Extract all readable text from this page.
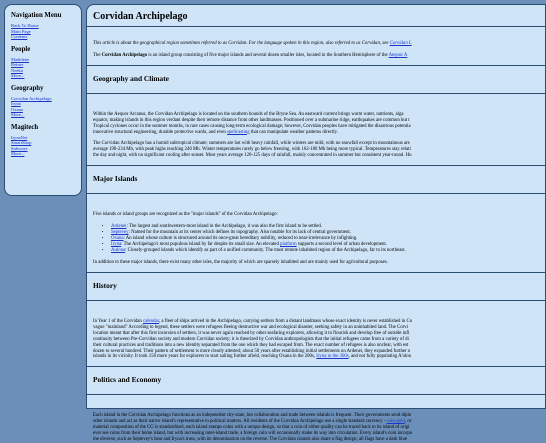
Navigation Menu
Back To Home
Main Page
Contents
People
Madelene
Reiner
Neeku
More...
Geography
Corvidan Archipelago
Iryna
Oxana
More...
Magitech
IrynaNet
SmartShop
Subways
More...
Corvidan Archipelago

This article is about the geographical region sometimes referred to as Corvidan. For the language spoken in this region, also referred to as Corvidan, see Corvidan L

The Corvidan Archipelago is an island group consisting of five major islands and several dozen smaller isles, located in the Southern Hemisphere of the Aeqour A

Geography and Climate

Within the Aequor Arcanus, the Corvidan Archipelago is located on the southern bounds of the Bryne Sea. An eastward current brings warm water, nutrients, alga
equator, making islands in this region verdant despite their remote distance from other landmasses. Positioned over a submarine ridge, earthquakes are common but t
Tropical cyclones occur in the summer months, in rare cases causing long-term ecological damage; however, Corvidan peoples have mitigated the disastrous potentia
innovative structural engineering, durable protective wards, and even spellcasting that can manipulate weather patterns directly.

The Corvidan Archipelago has a humid subtropical climate; summers are hot with heavy rainfall, while winters are mild, with no snowfall except in mountainous are
average 190-234 Mh, with peak highs reaching 246 Mh. Winter temperatures rarely go below freezing, with 162-180 Mh being more typical. Temperatures stay relati
the day and night, with no significant cooling after sunset. Most years average 120-125 days of rainfall, mainly concentrated in summer but consistent year-round. Hu

Major Islands

Five islands or island groups are recognized as the "major islands" of the Corvidan Archipelago:

• Ardenei: The largest and southwestern-most island in the Archipelago, it was also the first island to be settled.
• Septevey: Named for the mountain at its center which defines its topography. Also notable for its lack of central government.
• Oxana: An island whose culture is structured around its once-great hereditary nobility, reduced to near-irrelevance by infighting.
• Iryna: The Archipelago's most populous island by far despite its small size. An elevated platform supports a second level of urban development.
• Aulona: Closely-grouped islands which identify as part of a unified community. The most remote inhabited region of the Archipelago, far to its northeast.

In addition to these major islands, there exist many other isles, the majority of which are sparsely inhabited and are mainly used for agricultural purposes.

History

In Year 1 of the Corvidan calendar, a fleet of ships arrived in the Archipelago, carrying settlers from a distant landmass whose exact identity is never established in Co
vague "mainland" According to legend, these settlers were refugees fleeing destructive war and ecological disaster, seeking safety in an uninhabited land. The Corvi
location meant that after this first incursion of settlers, it was never again reached by other seafaring explorers, allowing it to flourish and develop free of outside infl
continuity between Pre-Corvidan society and modern Corvidan society; it is theorized by Corvidan anthropologists that the initial refugees came from a variety of di
their cultural practices and traditions into a new identity separated from the one which they had escaped from. The exact number of refugees is also unclear, with est
dozen to several hundred. Their pattern of settlement is more clearly attested; about 50 years after establishing initial settlements on Ardenei, they expanded further o
islands in its vicinity. It took 150 more years for explorers to start sailing further afield, reaching Oxana in the 200s, Iryna in the 300s, and not fully populating A'ulon

Politics and Economy

Each island in the Corvidan Archipelago functions as an independent city-state, but collaboration and trade between islands is frequent. Their governments send diplo
other islands and act as their native island's representative in political matters. All residents of the Corvidan Archipelago use a single standard currency - coin-gold, or
material composition of the CG is standardized, each island stamps coins with a unique design, so that a coin of either quality can be traced back to its island of origi
ever see coins from their home island, but with increasing inter-island trade, a foreign coin will occasionally make its way into circulation. Every island's coin incorpo
the obverse, such as Septevey's bear and Iryna's truss, with its denomination on the reverse. The Corvidan islands also share a flag design; all flags have a dark blue
